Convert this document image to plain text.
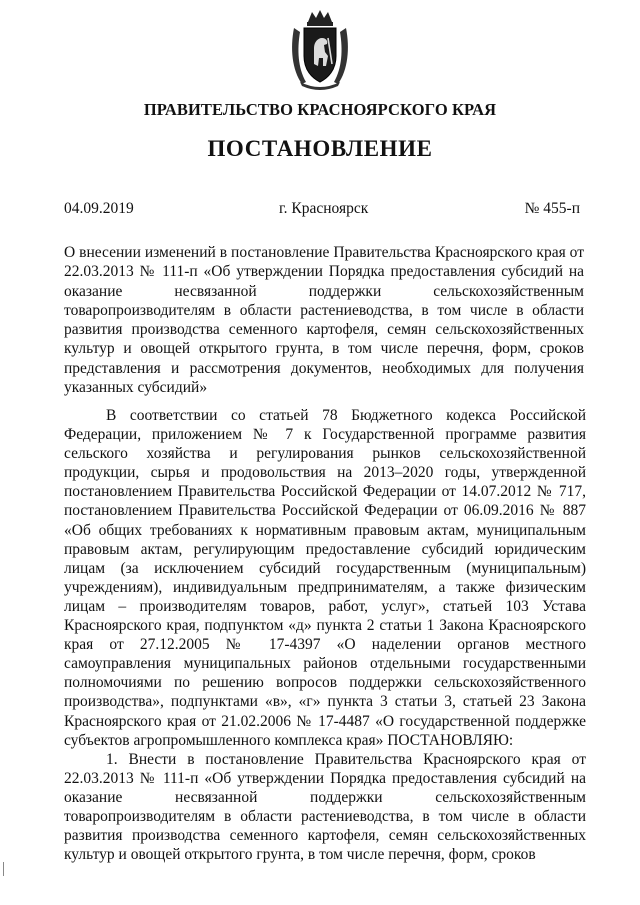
ПРАВИТЕЛЬСТВО КРАСНОЯРСКОГО КРАЯ
ПОСТАНОВЛЕНИЕ
04.09.2019	г. Красноярск	№ 455-п
О внесении изменений в постановление Правительства Красноярского края от 22.03.2013 № 111-п «Об утверждении Порядка предоставления субсидий на оказание несвязанной поддержки сельскохозяйственным товаропроизводителям в области растениеводства, в том числе в области развития производства семенного картофеля, семян сельскохозяйственных культур и овощей открытого грунта, в том числе перечня, форм, сроков представления и рассмотрения документов, необходимых для получения указанных субсидий»

В соответствии со статьей 78 Бюджетного кодекса Российской Федерации, приложением № 7 к Государственной программе развития сельского хозяйства и регулирования рынков сельскохозяйственной продукции, сырья и продовольствия на 2013–2020 годы, утвержденной постановлением Правительства Российской Федерации от 14.07.2012 № 717, постановлением Правительства Российской Федерации от 06.09.2016 № 887 «Об общих требованиях к нормативным правовым актам, муниципальным правовым актам, регулирующим предоставление субсидий юридическим лицам (за исключением субсидий государственным (муниципальным) учреждениям), индивидуальным предпринимателям, а также физическим лицам – производителям товаров, работ, услуг», статьей 103 Устава Красноярского края, подпунктом «д» пункта 2 статьи 1 Закона Красноярского края от 27.12.2005 № 17-4397 «О наделении органов местного самоуправления муниципальных районов отдельными государственными полномочиями по решению вопросов поддержки сельскохозяйственного производства», подпунктами «в», «г» пункта 3 статьи 3, статьей 23 Закона Красноярского края от 21.02.2006 № 17-4487 «О государственной поддержке субъектов агропромышленного комплекса края» ПОСТАНОВЛЯЮ:

1. Внести в постановление Правительства Красноярского края от 22.03.2013 № 111-п «Об утверждении Порядка предоставления субсидий на оказание несвязанной поддержки сельскохозяйственным товаропроизводителям в области растениеводства, в том числе в области развития производства семенного картофеля, семян сельскохозяйственных культур и овощей открытого грунта, в том числе перечня, форм, сроков
